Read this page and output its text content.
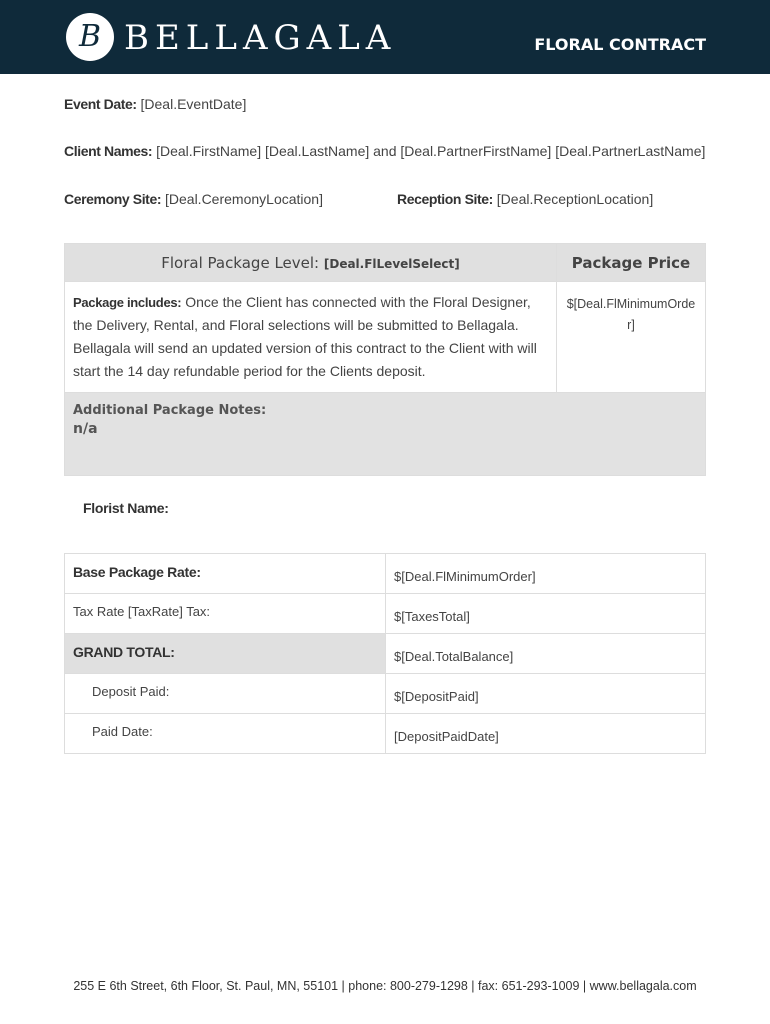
B BELLAGALA	FLORAL CONTRACT
Event Date: [Deal.EventDate]
Client Names: [Deal.FirstName] [Deal.LastName] and [Deal.PartnerFirstName] [Deal.PartnerLastName]
Ceremony Site: [Deal.CeremonyLocation]	Reception Site: [Deal.ReceptionLocation]
Floral Package Level: [Deal.FlLevelSelect]	Package Price
Package includes: Once the Client has connected with the Floral Designer, the Delivery, Rental, and Floral selections will be submitted to Bellagala. Bellagala will send an updated version of this contract to the Client with will start the 14 day refundable period for the Clients deposit.	$[Deal.FlMinimumOrder]

Additional Package Notes:
n/a	
Florist Name:
Base Package Rate:	$[Deal.FlMinimumOrder]
Tax Rate [TaxRate] Tax:	$[TaxesTotal]
GRAND TOTAL:	$[Deal.TotalBalance]
Deposit Paid:	$[DepositPaid]
Paid Date:	[DepositPaidDate]
255 E 6th Street, 6th Floor, St. Paul, MN, 55101 | phone: 800-279-1298 | fax: 651-293-1009 | www.bellagala.com
